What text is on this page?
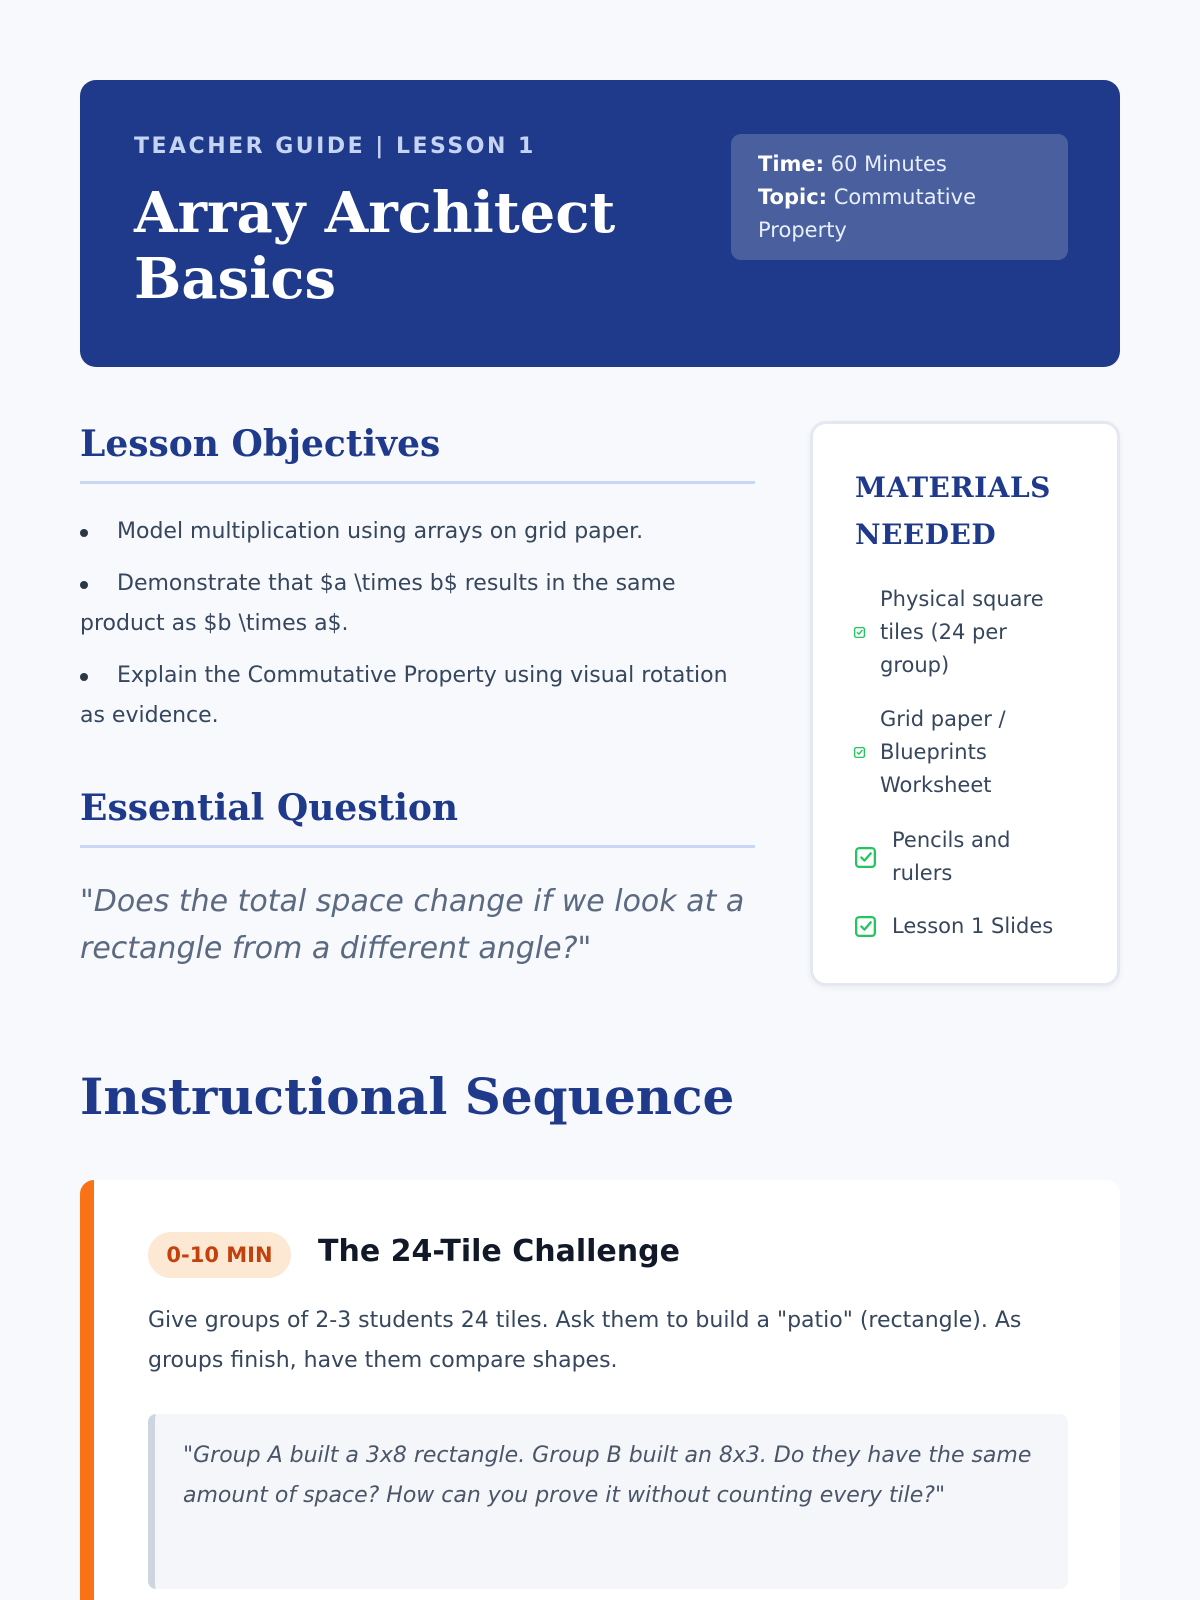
TEACHER GUIDE | LESSON 1
Array Architect Basics
Time: 60 Minutes
Topic: Commutative Property
Lesson Objectives
Model multiplication using arrays on grid paper.
Demonstrate that $a \times b$ results in the same product as $b \times a$.
Explain the Commutative Property using visual rotation as evidence.
Essential Question

"Does the total space change if we look at a rectangle from a different angle?"

MATERIALS NEEDED
Physical square tiles (24 per group)
Grid paper / Blueprints Worksheet
Pencils and rulers
Lesson 1 Slides
Instructional Sequence
0-10 MIN	The 24-Tile Challenge

Give groups of 2-3 students 24 tiles. Ask them to build a "patio" (rectangle). As groups finish, have them compare shapes.

"Group A built a 3x8 rectangle. Group B built an 8x3. Do they have the same amount of space? How can you prove it without counting every tile?"
